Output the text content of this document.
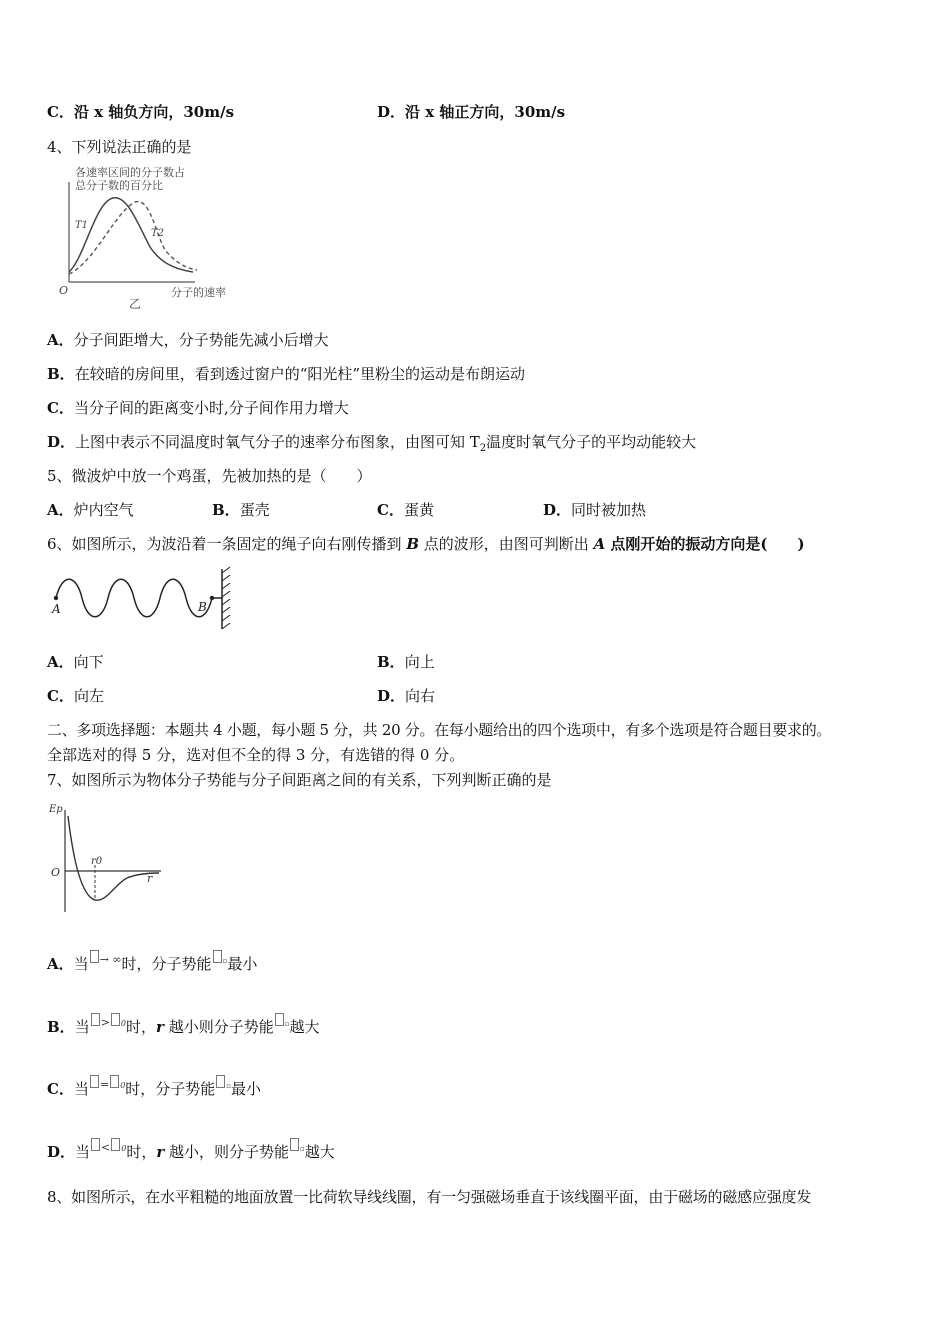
C．沿 x 轴负方向，30m/s	D．沿 x 轴正方向，30m/s
4、下列说法正确的是
各速率区间的分子数占
总分子数的百分比
T1
T2
O	分子的速率
乙
A．分子间距增大，分子势能先减小后增大
B．在较暗的房间里，看到透过窗户的“阳光柱”里粉尘的运动是布朗运动
C．当分子间的距离变小时,分子间作用力增大
D．上图中表示不同温度时氧气分子的速率分布图象，由图可知 $T_2$温度时氧气分子的平均动能较大
5、微波炉中放一个鸡蛋，先被加热的是（　　）
A．炉内空气	B．蛋壳	C．蛋黄	D．同时被加热
6、如图所示，为波沿着一条固定的绳子向右刚传播到 B 点的波形，由图可判断出 A 点刚开始的振动方向是(　　)
A	B
A．向下	B．向上
C．向左	D．向右
二、多项选择题：本题共 4 小题，每小题 5 分，共 20 分。在每小题给出的四个选项中，有多个选项是符合题目要求的。
全部选对的得 5 分，选对但不全的得 3 分，有选错的得 0 分。
7、如图所示为物体分子势能与分子间距离之间的有关系，下列判断正确的是
Ep
O
r0
r
A．当 → ∞时，分子势能 ▫最小
B．当 > $^0$时，r 越小则分子势能 ▫越大
C．当 = $^0$时，分子势能 ▫最小
D．当 < $^0$时，r 越小，则分子势能 ▫越大
8、如图所示，在水平粗糙的地面放置一比荷软导线线圈，有一匀强磁场垂直于该线圈平面，由于磁场的磁感应强度发
